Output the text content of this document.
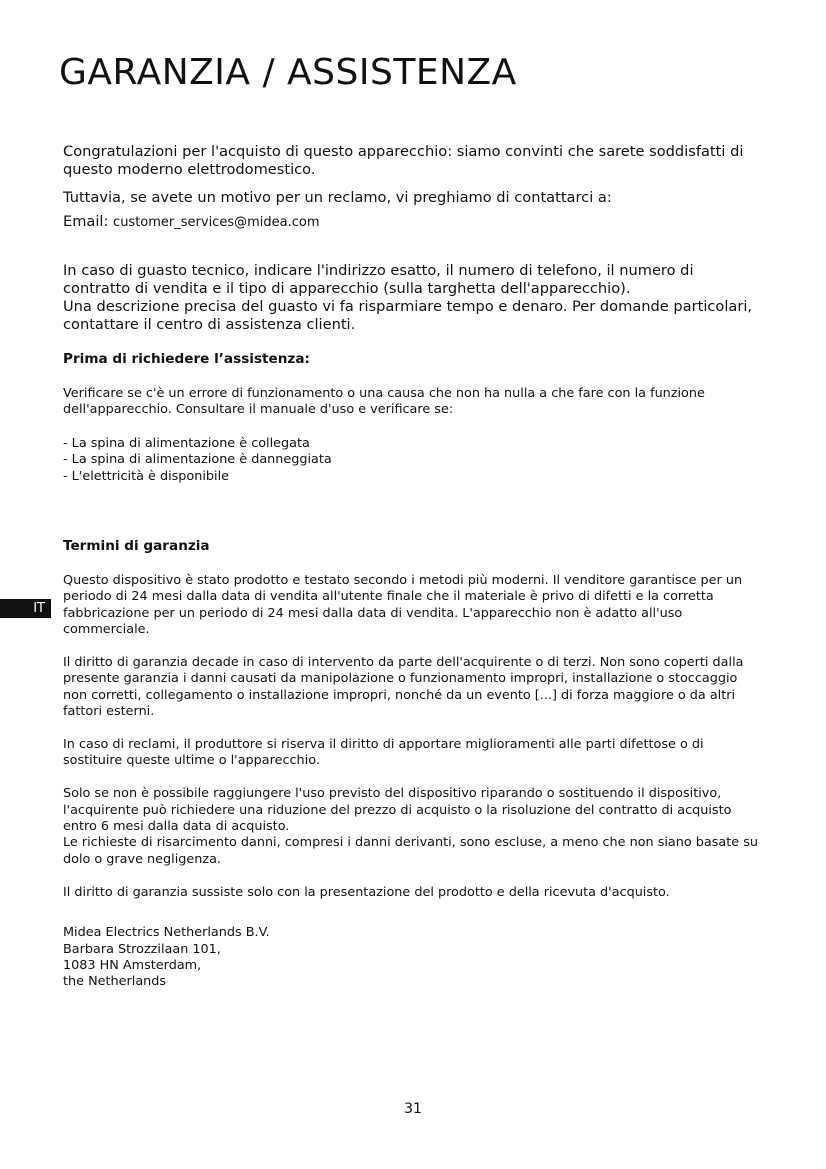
GARANZIA / ASSISTENZA
IT

Congratulazioni per l'acquisto di questo apparecchio: siamo convinti che sarete soddisfatti di questo moderno elettrodomestico.

Tuttavia, se avete un motivo per un reclamo, vi preghiamo di contattarci a:

Email: customer_services@midea.com

In caso di guasto tecnico, indicare l'indirizzo esatto, il numero di telefono, il numero di contratto di vendita e il tipo di apparecchio (sulla targhetta dell'apparecchio).

Una descrizione precisa del guasto vi fa risparmiare tempo e denaro. Per domande particolari, contattare il centro di assistenza clienti.

Prima di richiedere l’assistenza:

Verificare se c'è un errore di funzionamento o una causa che non ha nulla a che fare con la funzione dell'apparecchio. Consultare il manuale d'uso e verificare se:

- La spina di alimentazione è collegata
- La spina di alimentazione è danneggiata
- L'elettricità è disponibile
Termini di garanzia

Questo dispositivo è stato prodotto e testato secondo i metodi più moderni. Il venditore garantisce per un periodo di 24 mesi dalla data di vendita all'utente finale che il materiale è privo di difetti e la corretta fabbricazione per un periodo di 24 mesi dalla data di vendita. L'apparecchio non è adatto all'uso commerciale.

Il diritto di garanzia decade in caso di intervento da parte dell'acquirente o di terzi. Non sono coperti dalla presente garanzia i danni causati da manipolazione o funzionamento impropri, installazione o stoccaggio non corretti, collegamento o installazione impropri, nonché da un evento [...] di forza maggiore o da altri fattori esterni.

In caso di reclami, il produttore si riserva il diritto di apportare miglioramenti alle parti difettose o di sostituire queste ultime o l'apparecchio.

Solo se non è possibile raggiungere l'uso previsto del dispositivo riparando o sostituendo il dispositivo, l'acquirente può richiedere una riduzione del prezzo di acquisto o la risoluzione del contratto di acquisto entro 6 mesi dalla data di acquisto.
Le richieste di risarcimento danni, compresi i danni derivanti, sono escluse, a meno che non siano basate su dolo o grave negligenza.

Il diritto di garanzia sussiste solo con la presentazione del prodotto e della ricevuta d'acquisto.

Midea Electrics Netherlands B.V.
Barbara Strozzilaan 101,
1083 HN Amsterdam,
the Netherlands
31
